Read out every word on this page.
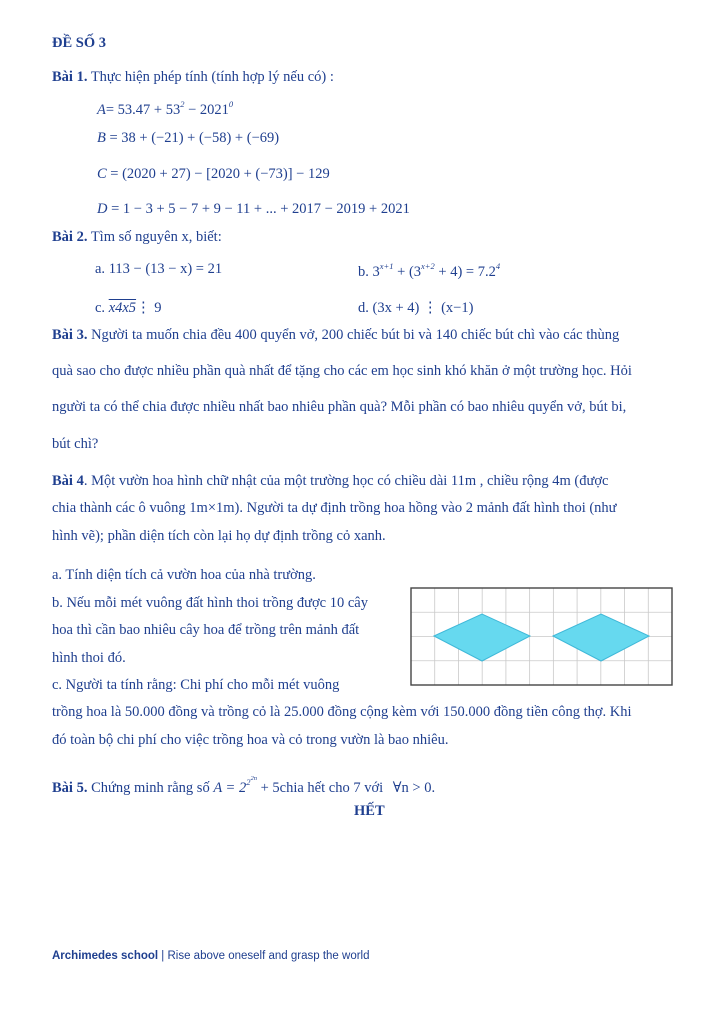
ĐỀ SỐ 3
Bài 1. Thực hiện phép tính (tính hợp lý nếu có) :
$A= 53.47 + 53^2 - 2021^0$
B = 38 + (−21) + (−58) + (−69)
C = (2020 + 27) − [2020 + (−73)] − 129
D = 1 − 3 + 5 − 7 + 9 − 11 + ... + 2017 − 2019 + 2021
Bài 2. Tìm số nguyên x, biết:
a. 113 − (13 − x) = 21	b. $3^{x+1} + (3^{x+2} + 4) = 7.2^4$
c. x4x5⋮ 9	d. (3x + 4) ⋮ (x−1)
Bài 3. Người ta muốn chia đều 400 quyển vở, 200 chiếc bút bi và 140 chiếc bút chì vào các thùng
quà sao cho được nhiều phần quà nhất để tặng cho các em học sinh khó khăn ở một trường học. Hỏi
người ta có thể chia được nhiều nhất bao nhiêu phần quà? Mỗi phần có bao nhiêu quyển vở, bút bi,
bút chì?
Bài 4. Một vườn hoa hình chữ nhật của một trường học có chiều dài 11m , chiều rộng 4m (được
chia thành các ô vuông 1m×1m). Người ta dự định trồng hoa hồng vào 2 mảnh đất hình thoi (như
hình vẽ); phần diện tích còn lại họ dự định trồng cỏ xanh.
a. Tính diện tích cả vườn hoa của nhà trường.
b. Nếu mỗi mét vuông đất hình thoi trồng được 10 cây
hoa thì cần bao nhiêu cây hoa để trồng trên mảnh đất
hình thoi đó.
c. Người ta tính rằng: Chi phí cho mỗi mét vuông
trồng hoa là 50.000 đồng và trồng cỏ là 25.000 đồng cộng kèm với 150.000 đồng tiền công thợ. Khi
đó toàn bộ chi phí cho việc trồng hoa và cỏ trong vườn là bao nhiêu.
Bài 5. Chứng minh rằng số $A = 2^{22n}$ + 5chia hết cho 7 với ∀n > 0.
HẾT
Archimedes school | Rise above oneself and grasp the world
